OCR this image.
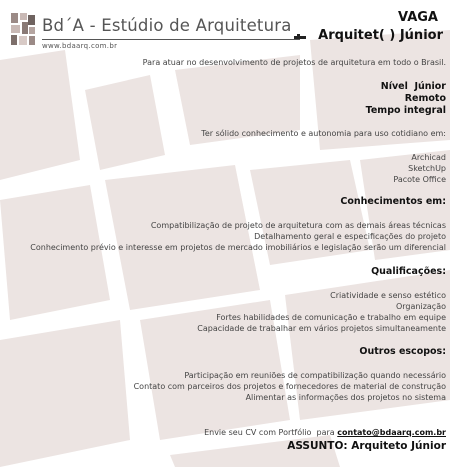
Bd´A - Estúdio de Arquitetura
www.bdaarq.com.br
VAGA
Arquitet( ) Júnior
Para atuar no desenvolvimento de projetos de arquitetura em todo o Brasil.
Nível  Júnior
Remoto
Tempo integral
Ter sólido conhecimento e autonomia para uso cotidiano em:
Archicad
SketchUp
Pacote Office
Conhecimentos em:
Compatibilização de projeto de arquitetura com as demais áreas técnicas
Detalhamento geral e especificações do projeto
Conhecimento prévio e interesse em projetos de mercado imobiliários e legislação serão um diferencial
Qualificações:
Criatividade e senso estético
Organização
Fortes habilidades de comunicação e trabalho em equipe
Capacidade de trabalhar em vários projetos simultaneamente
Outros escopos:
Participação em reuniões de compatibilização quando necessário
Contato com parceiros dos projetos e fornecedores de material de construção
Alimentar as informações dos projetos no sistema
Envie seu CV com Portfólio  para contato@bdaarq.com.br
ASSUNTO: Arquiteto Júnior
